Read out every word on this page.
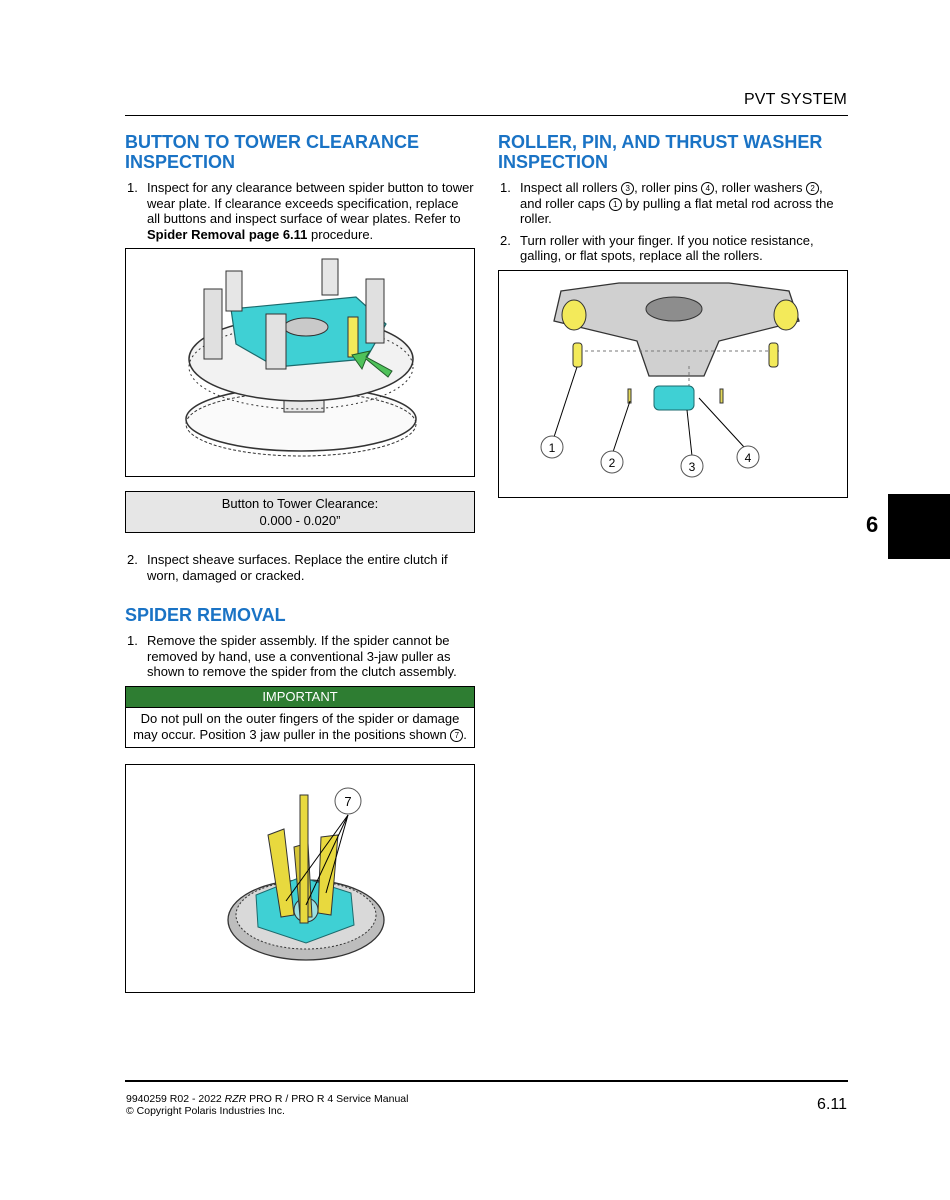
PVT SYSTEM
BUTTON TO TOWER CLEARANCE INSPECTION
1. Inspect for any clearance between spider button to tower wear plate. If clearance exceeds specification, replace all buttons and inspect surface of wear plates. Refer to Spider Removal page 6.11 procedure.
Button to Tower Clearance:
0.000 - 0.020”
2. Inspect sheave surfaces. Replace the entire clutch if worn, damaged or cracked.
SPIDER REMOVAL
1. Remove the spider assembly. If the spider cannot be removed by hand, use a conventional 3-jaw puller as shown to remove the spider from the clutch assembly.
IMPORTANT
Do not pull on the outer fingers of the spider or damage may occur. Position 3 jaw puller in the positions shown 7 .
7
ROLLER, PIN, AND THRUST WASHER INSPECTION
1. Inspect all rollers 3 , roller pins 4 , roller washers 2 , and roller caps 1 by pulling a flat metal rod across the roller.
2. Turn roller with your finger. If you notice resistance, galling, or flat spots, replace all the rollers.
1
2	3
4
6
9940259 R02 - 2022 RZR PRO R / PRO R 4 Service Manual
© Copyright Polaris Industries Inc.	6.11
